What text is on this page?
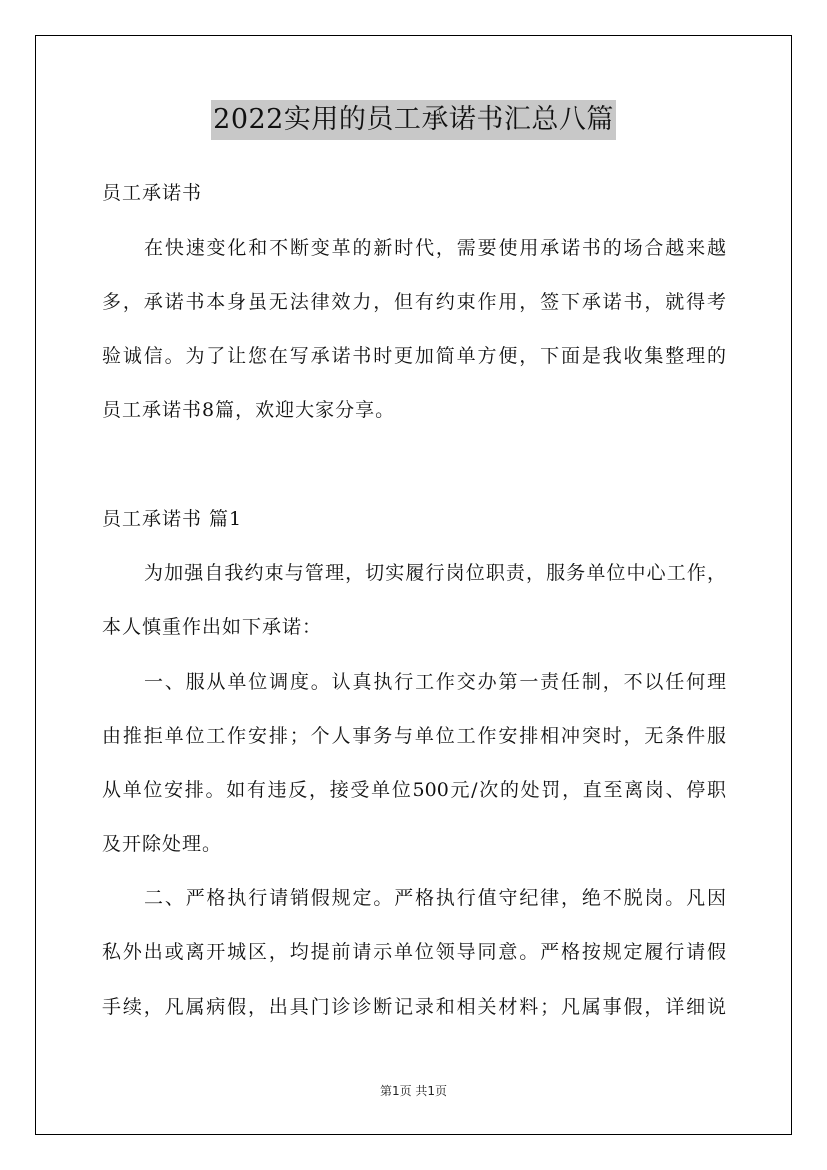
2022实用的员工承诺书汇总八篇
员工承诺书
在快速变化和不断变革的新时代，需要使用承诺书的场合越来越
多，承诺书本身虽无法律效力，但有约束作用，签下承诺书，就得考
验诚信。为了让您在写承诺书时更加简单方便，下面是我收集整理的
员工承诺书8篇，欢迎大家分享。
员工承诺书 篇1
为加强自我约束与管理，切实履行岗位职责，服务单位中心工作，
本人慎重作出如下承诺：
一、服从单位调度。认真执行工作交办第一责任制，不以任何理
由推拒单位工作安排；个人事务与单位工作安排相冲突时，无条件服
从单位安排。如有违反，接受单位500元/次的处罚，直至离岗、停职
及开除处理。
二、严格执行请销假规定。严格执行值守纪律，绝不脱岗。凡因
私外出或离开城区，均提前请示单位领导同意。严格按规定履行请假
手续，凡属病假，出具门诊诊断记录和相关材料；凡属事假，详细说
第1页 共1页
